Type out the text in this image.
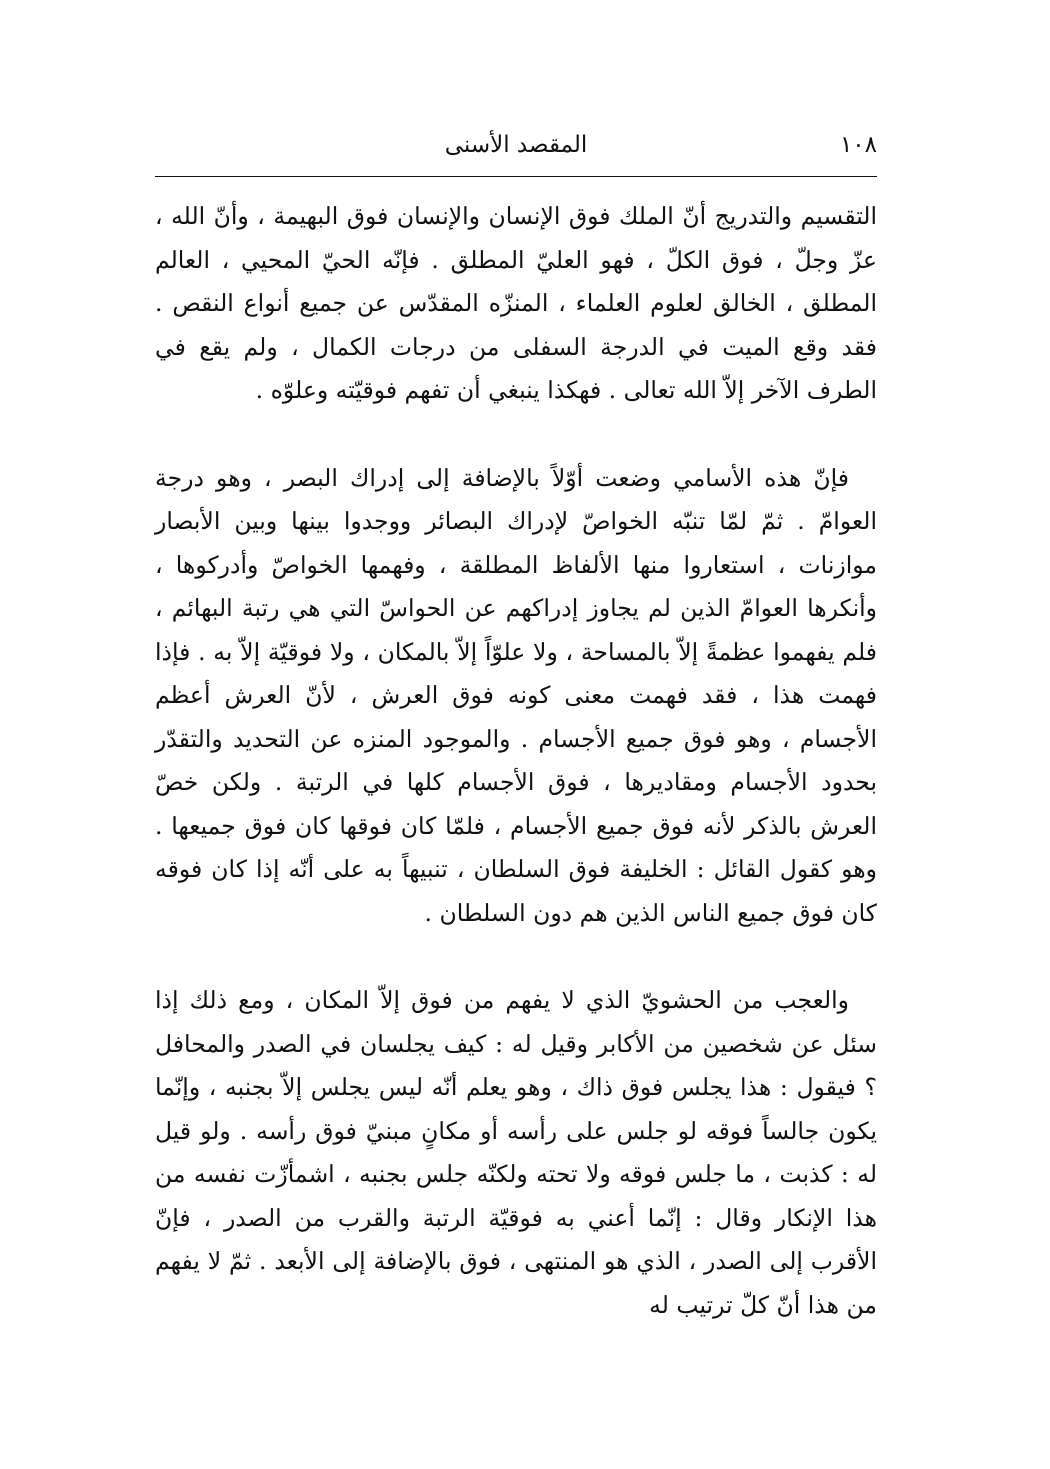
١٠٨
المقصد الأسنى

التقسيم والتدريج أنّ الملك فوق الإنسان والإنسان فوق البهيمة ، وأنّ الله ، عزّ وجلّ ، فوق الكلّ ، فهو العليّ المطلق . فإنّه الحيّ المحيي ، العالم المطلق ، الخالق لعلوم العلماء ، المنزّه المقدّس عن جميع أنواع النقص . فقد وقع الميت في الدرجة السفلى من درجات الكمال ، ولم يقع في الطرف الآخر إلاّ الله تعالى . فهكذا ينبغي أن تفهم فوقيّته وعلوّه .

فإنّ هذه الأسامي وضعت أوّلاً بالإضافة إلى إدراك البصر ، وهو درجة العوامّ . ثمّ لمّا تنبّه الخواصّ لإدراك البصائر ووجدوا بينها وبين الأبصار موازنات ، استعاروا منها الألفاظ المطلقة ، وفهمها الخواصّ وأدركوها ، وأنكرها العوامّ الذين لم يجاوز إدراكهم عن الحواسّ التي هي رتبة البهائم ، فلم يفهموا عظمةً إلاّ بالمساحة ، ولا علوّاً إلاّ بالمكان ، ولا فوقيّة إلاّ به . فإذا فهمت هذا ، فقد فهمت معنى كونه فوق العرش ، لأنّ العرش أعظم الأجسام ، وهو فوق جميع الأجسام . والموجود المنزه عن التحديد والتقدّر بحدود الأجسام ومقاديرها ، فوق الأجسام كلها في الرتبة . ولكن خصّ العرش بالذكر لأنه فوق جميع الأجسام ، فلمّا كان فوقها كان فوق جميعها . وهو كقول القائل : الخليفة فوق السلطان ، تنبيهاً به على أنّه إذا كان فوقه كان فوق جميع الناس الذين هم دون السلطان .

والعجب من الحشويّ الذي لا يفهم من فوق إلاّ المكان ، ومع ذلك إذا سئل عن شخصين من الأكابر وقيل له : كيف يجلسان في الصدر والمحافل ؟ فيقول : هذا يجلس فوق ذاك ، وهو يعلم أنّه ليس يجلس إلاّ بجنبه ، وإنّما يكون جالساً فوقه لو جلس على رأسه أو مكانٍ مبنيّ فوق رأسه . ولو قيل له : كذبت ، ما جلس فوقه ولا تحته ولكنّه جلس بجنبه ، اشمأزّت نفسه من هذا الإنكار وقال : إنّما أعني به فوقيّة الرتبة والقرب من الصدر ، فإنّ الأقرب إلى الصدر ، الذي هو المنتهى ، فوق بالإضافة إلى الأبعد . ثمّ لا يفهم من هذا أنّ كلّ ترتيب له
